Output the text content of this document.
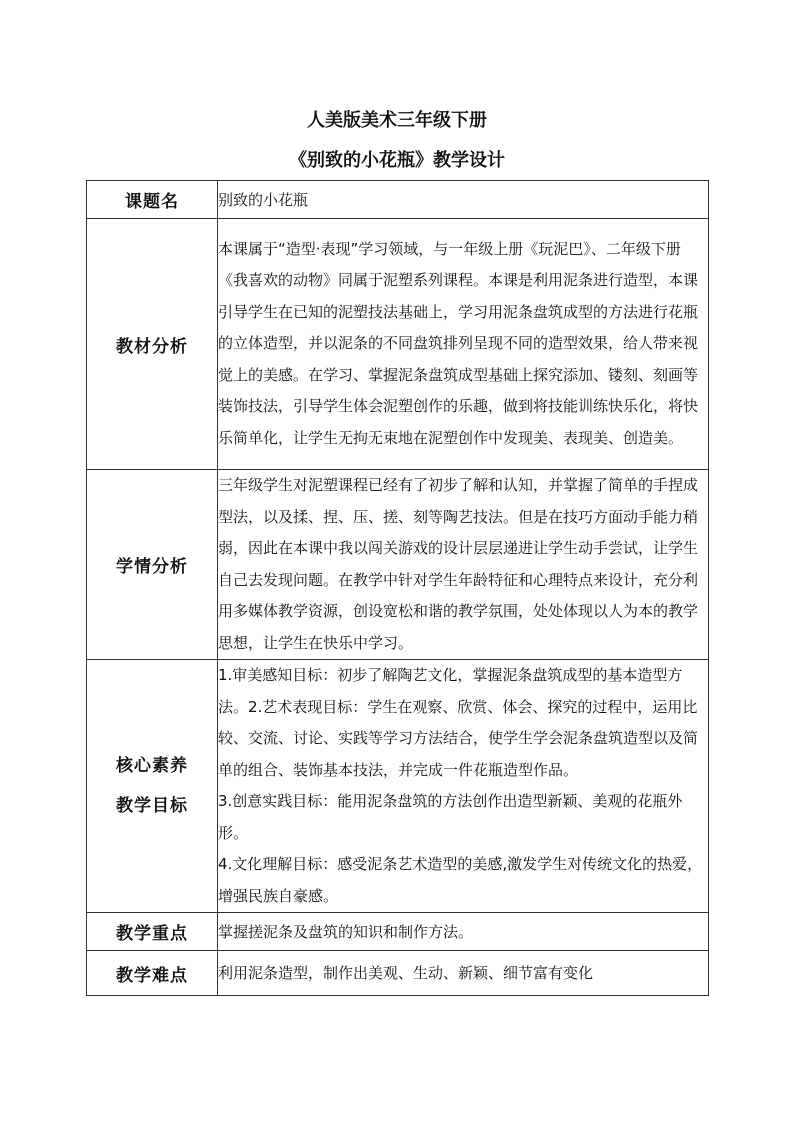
人美版美术三年级下册
《别致的小花瓶》教学设计
课题名	别致的小花瓶
教材分析	本课属于“造型·表现”学习领域，与一年级上册《玩泥巴》、二年级下册《我喜欢的动物》同属于泥塑系列课程。本课是利用泥条进行造型，本课引导学生在已知的泥塑技法基础上，学习用泥条盘筑成型的方法进行花瓶的立体造型，并以泥条的不同盘筑排列呈现不同的造型效果，给人带来视觉上的美感。在学习、掌握泥条盘筑成型基础上探究添加、镂刻、刻画等装饰技法，引导学生体会泥塑创作的乐趣，做到将技能训练快乐化，将快乐简单化，让学生无拘无束地在泥塑创作中发现美、表现美、创造美。
学情分析	三年级学生对泥塑课程已经有了初步了解和认知，并掌握了简单的手捏成型法，以及揉、捏、压、搓、刻等陶艺技法。但是在技巧方面动手能力稍弱，因此在本课中我以闯关游戏的设计层层递进让学生动手尝试，让学生自己去发现问题。在教学中针对学生年龄特征和心理特点来设计，充分利用多媒体教学资源，创设宽松和谐的教学氛围，处处体现以人为本的教学思想，让学生在快乐中学习。

核心素养
教学目标	1.审美感知目标：初步了解陶艺文化，掌握泥条盘筑成型的基本造型方法。2.艺术表现目标：学生在观察、欣赏、体会、探究的过程中，运用比较、交流、讨论、实践等学习方法结合，使学生学会泥条盘筑造型以及简单的组合、装饰基本技法，并完成一件花瓶造型作品。
3.创意实践目标：能用泥条盘筑的方法创作出造型新颖、美观的花瓶外形。
4.文化理解目标：感受泥条艺术造型的美感,激发学生对传统文化的热爱，增强民族自豪感。

教学重点	掌握搓泥条及盘筑的知识和制作方法。
教学难点	利用泥条造型，制作出美观、生动、新颖、细节富有变化
